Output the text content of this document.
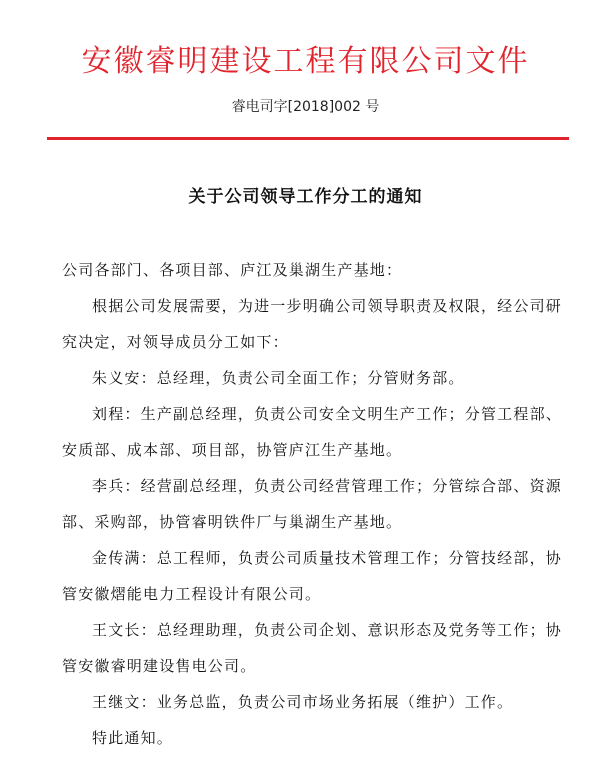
安徽睿明建设工程有限公司文件
睿电司字[2018]002 号
关于公司领导工作分工的通知

公司各部门、各项目部、庐江及巢湖生产基地：

根据公司发展需要，为进一步明确公司领导职责及权限，经公司研究决定，对领导成员分工如下：

朱义安：总经理，负责公司全面工作；分管财务部。

刘程：生产副总经理，负责公司安全文明生产工作；分管工程部、安质部、成本部、项目部，协管庐江生产基地。

李兵：经营副总经理，负责公司经营管理工作；分管综合部、资源部、采购部，协管睿明铁件厂与巢湖生产基地。

金传满：总工程师，负责公司质量技术管理工作；分管技经部，协管安徽熠能电力工程设计有限公司。

王文长：总经理助理，负责公司企划、意识形态及党务等工作；协管安徽睿明建设售电公司。

王继文：业务总监，负责公司市场业务拓展（维护）工作。

特此通知。
